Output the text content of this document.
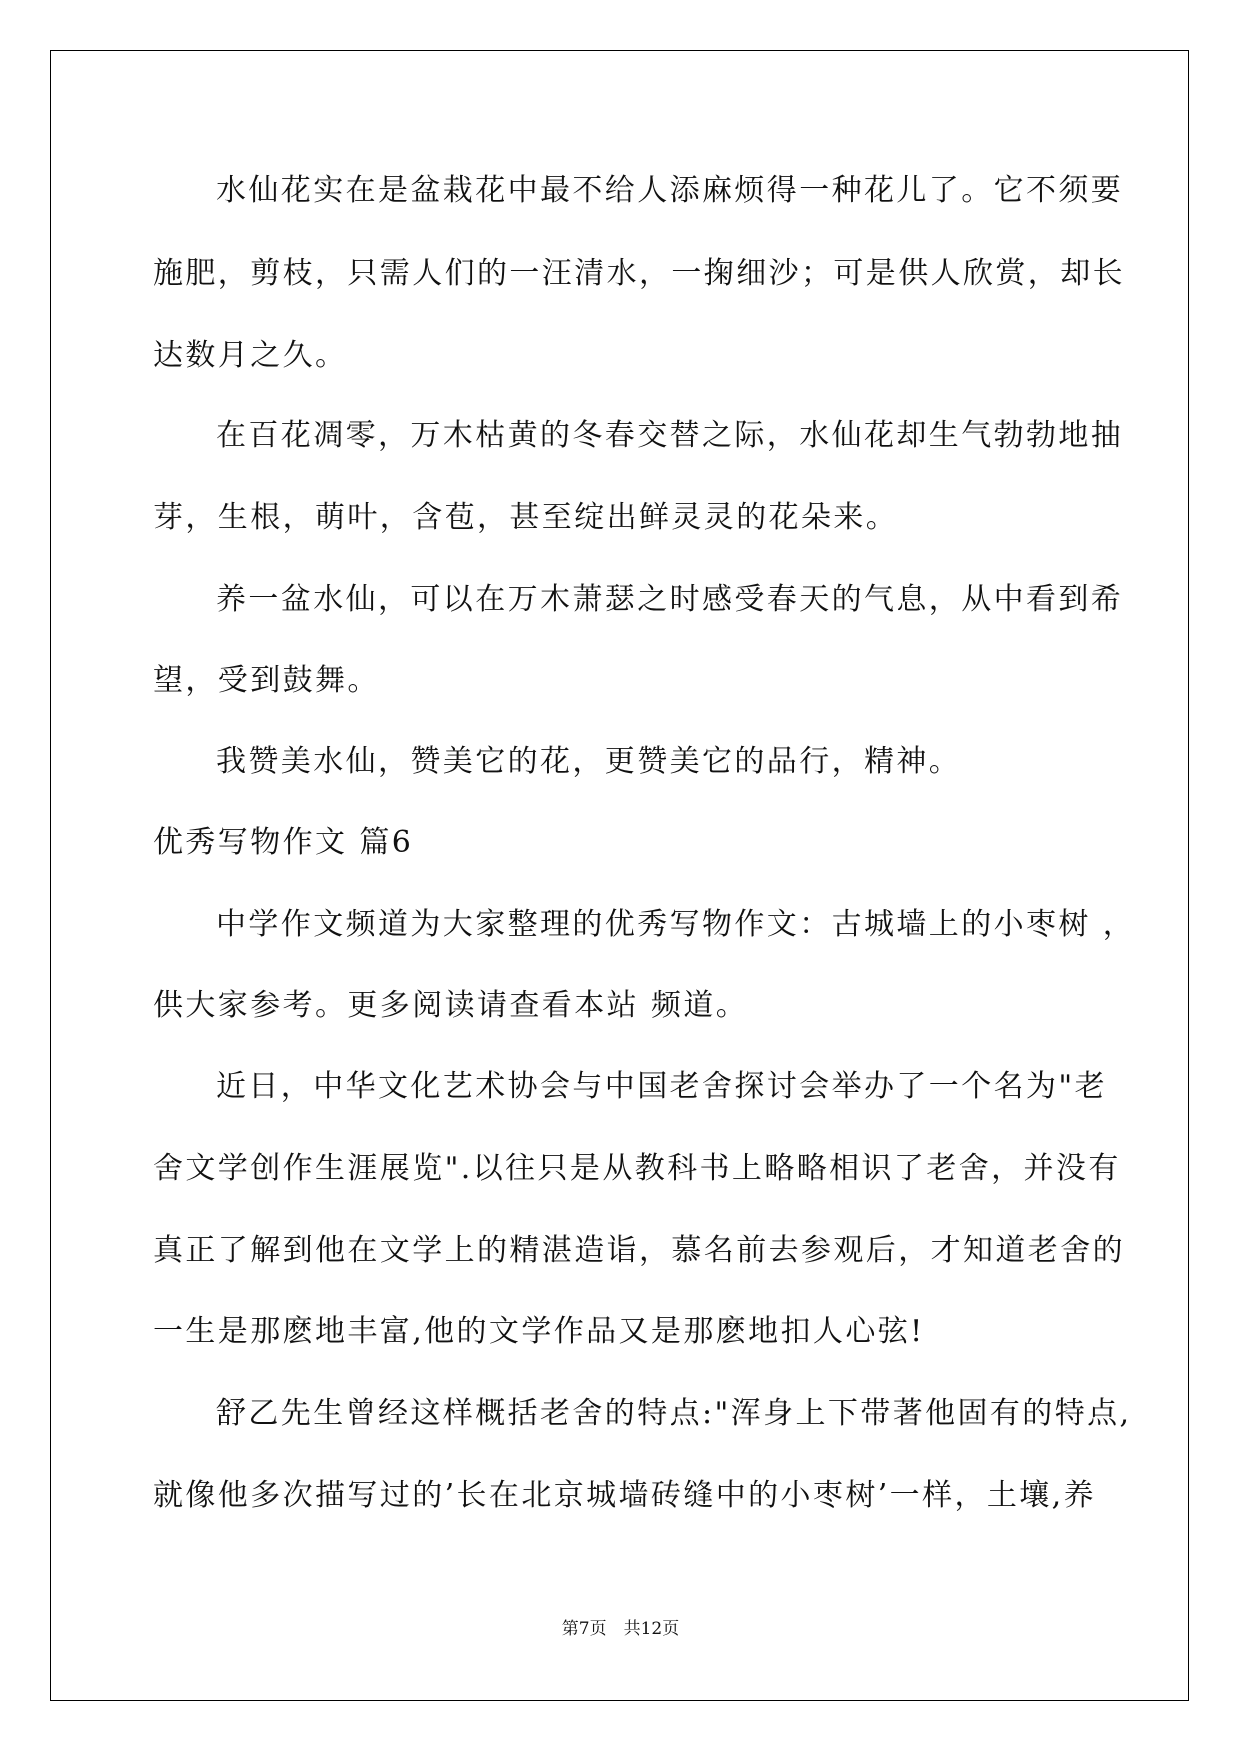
水仙花实在是盆栽花中最不给人添麻烦得一种花儿了。它不须要
施肥，剪枝，只需人们的一汪清水，一掬细沙；可是供人欣赏，却长
达数月之久。
在百花凋零，万木枯黄的冬春交替之际，水仙花却生气勃勃地抽
芽，生根，萌叶，含苞，甚至绽出鲜灵灵的花朵来。
养一盆水仙，可以在万木萧瑟之时感受春天的气息，从中看到希
望，受到鼓舞。
我赞美水仙，赞美它的花，更赞美它的品行，精神。
优秀写物作文 篇6
中学作文频道为大家整理的优秀写物作文：古城墙上的小枣树 ，
供大家参考。更多阅读请查看本站 频道。
近日，中华文化艺术协会与中国老舍探讨会举办了一个名为"老
舍文学创作生涯展览".以往只是从教科书上略略相识了老舍，并没有
真正了解到他在文学上的精湛造诣，慕名前去参观后，才知道老舍的
一生是那麽地丰富,他的文学作品又是那麽地扣人心弦!
舒乙先生曾经这样概括老舍的特点:"浑身上下带著他固有的特点,
就像他多次描写过的’长在北京城墙砖缝中的小枣树’一样，土壤,养
第7页　共12页
